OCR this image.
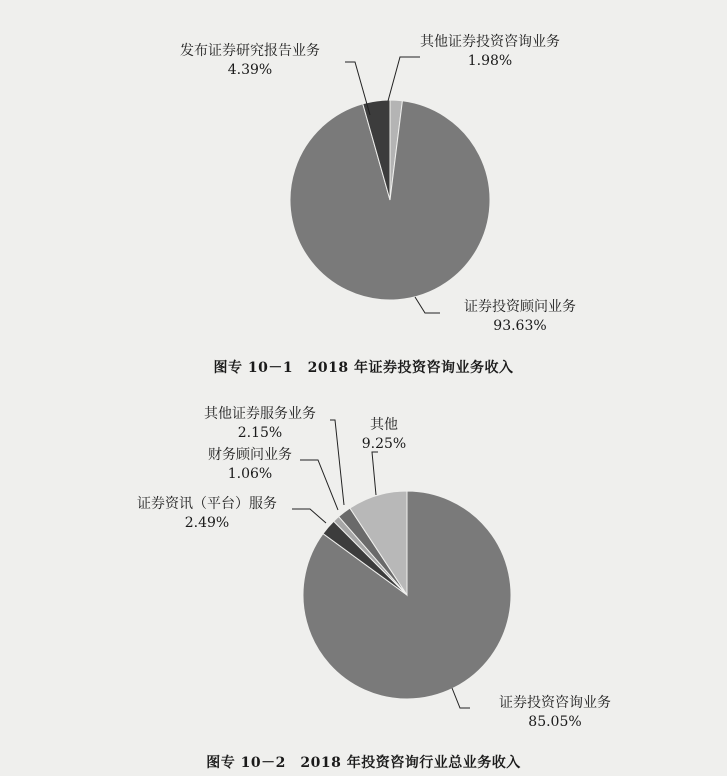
发布证券研究报告业务
4.39%
其他证券投资咨询业务
1.98%
证券投资顾问业务
93.63%
图专 10－1　2018 年证券投资咨询业务收入
其他证券服务业务
2.15%	其他
9.25%
财务顾问业务
1.06%
证券资讯（平台）服务
2.49%
证券投资咨询业务
85.05%
图专 10－2　2018 年投资咨询行业总业务收入
